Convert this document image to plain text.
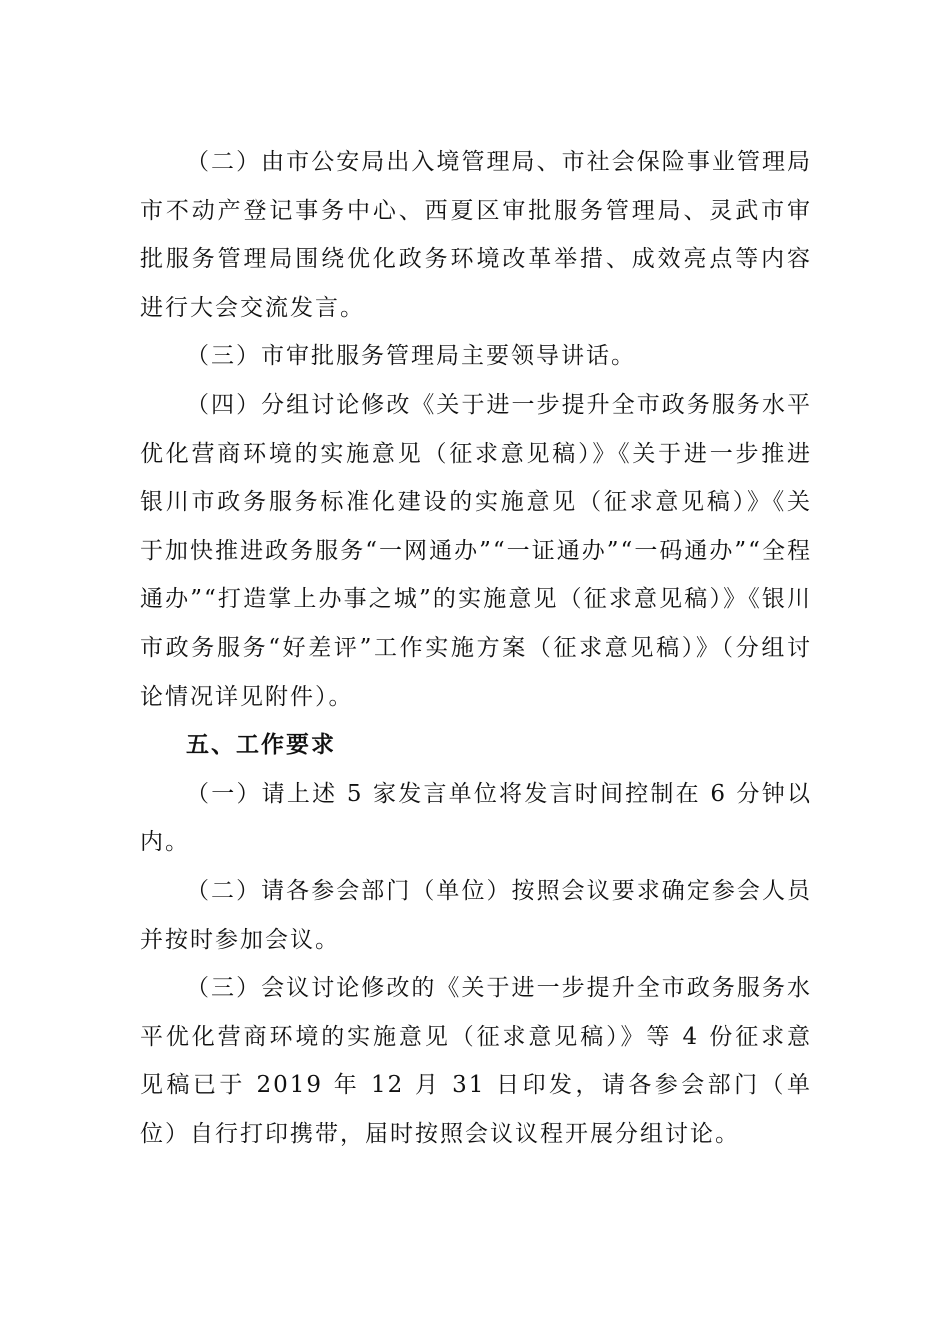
（二）由市公安局出入境管理局、市社会保险事业管理局市不动产登记事务中心、西夏区审批服务管理局、灵武市审批服务管理局围绕优化政务环境改革举措、成效亮点等内容进行大会交流发言。

（三）市审批服务管理局主要领导讲话。

（四）分组讨论修改《关于进一步提升全市政务服务水平优化营商环境的实施意见（征求意见稿）》《关于进一步推进银川市政务服务标准化建设的实施意见（征求意见稿）》《关于加快推进政务服务“一网通办”“一证通办”“一码通办”“全程通办”“打造掌上办事之城”的实施意见（征求意见稿）》《银川市政务服务“好差评”工作实施方案（征求意见稿）》（分组讨论情况详见附件）。

五、工作要求

（一）请上述 5 家发言单位将发言时间控制在 6 分钟以内。

（二）请各参会部门（单位）按照会议要求确定参会人员并按时参加会议。

（三）会议讨论修改的《关于进一步提升全市政务服务水平优化营商环境的实施意见（征求意见稿）》等 4 份征求意见稿已于 2019 年 12 月 31 日印发，请各参会部门（单位）自行打印携带，届时按照会议议程开展分组讨论。
